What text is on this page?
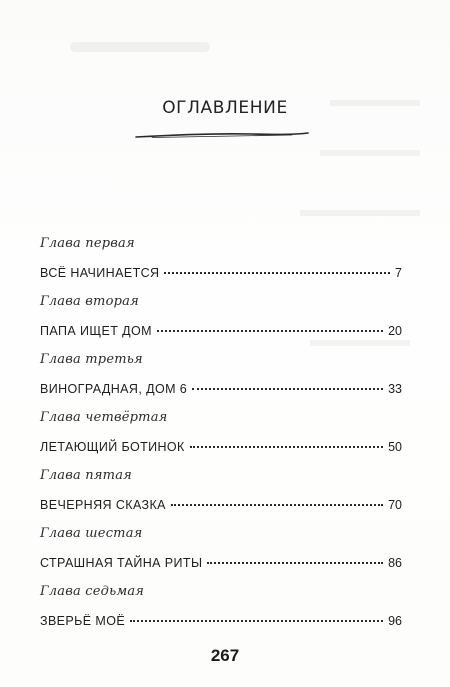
ОГЛАВЛЕНИЕ
Глава первая
ВСЁ НАЧИНАЕТСЯ	7
Глава вторая
ПАПА ИЩЕТ ДОМ	20
Глава третья
ВИНОГРАДНАЯ, ДОМ 6	33
Глава четвёртая
ЛЕТАЮЩИЙ БОТИНОК	50
Глава пятая
ВЕЧЕРНЯЯ СКАЗКА	70
Глава шестая
СТРАШНАЯ ТАЙНА РИТЫ	86
Глава седьмая
ЗВЕРЬЁ МОЁ	96
267
